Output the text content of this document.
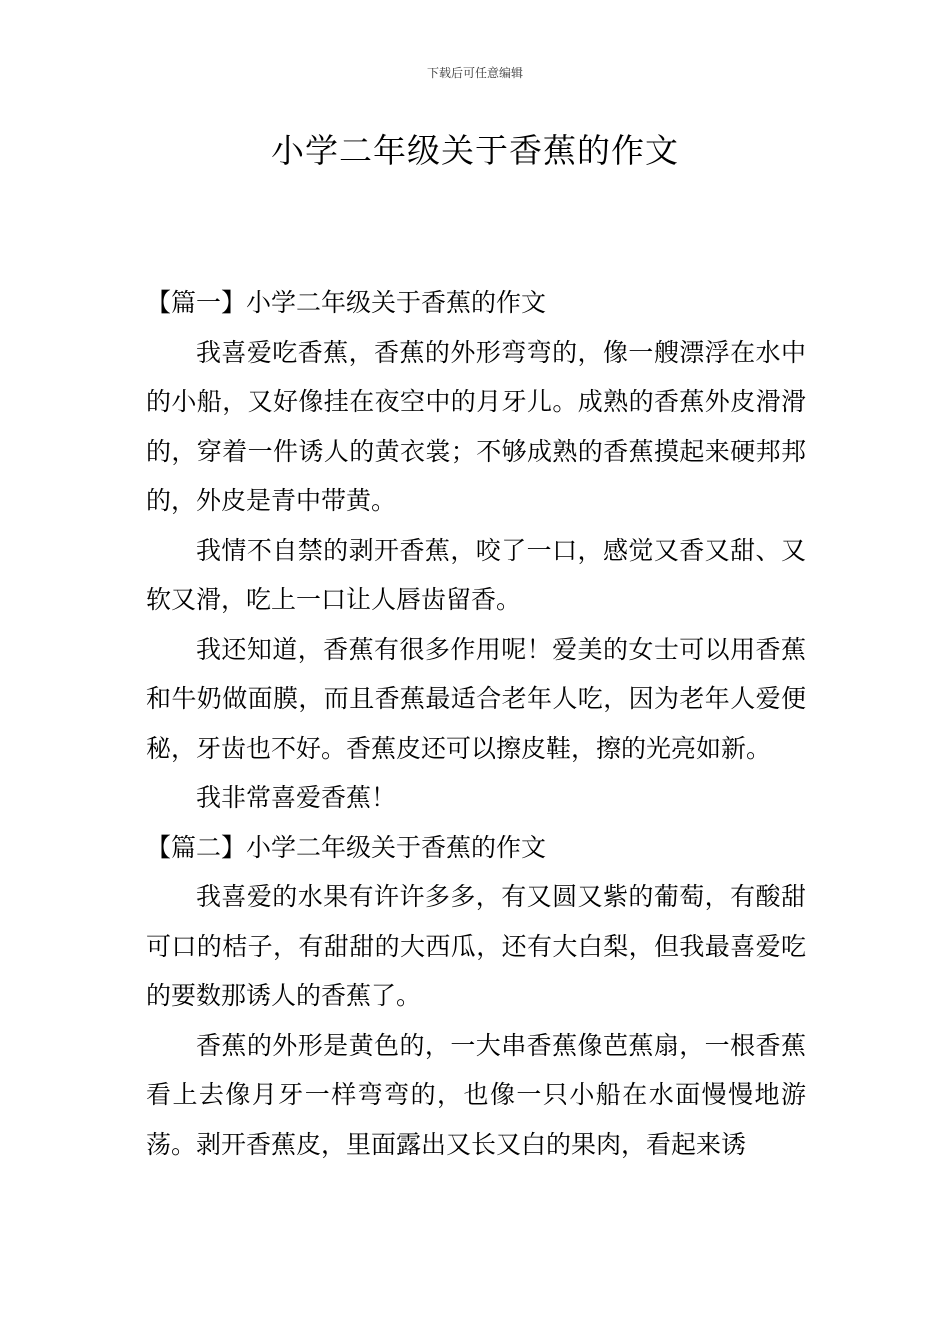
下载后可任意编辑
小学二年级关于香蕉的作文

【篇一】小学二年级关于香蕉的作文

我喜爱吃香蕉，香蕉的外形弯弯的，像一艘漂浮在水中的小船，又好像挂在夜空中的月牙儿。成熟的香蕉外皮滑滑的，穿着一件诱人的黄衣裳；不够成熟的香蕉摸起来硬邦邦的，外皮是青中带黄。

我情不自禁的剥开香蕉，咬了一口，感觉又香又甜、又软又滑，吃上一口让人唇齿留香。

我还知道，香蕉有很多作用呢！爱美的女士可以用香蕉和牛奶做面膜，而且香蕉最适合老年人吃，因为老年人爱便秘，牙齿也不好。香蕉皮还可以擦皮鞋，擦的光亮如新。

我非常喜爱香蕉！

【篇二】小学二年级关于香蕉的作文

我喜爱的水果有许许多多，有又圆又紫的葡萄，有酸甜可口的桔子，有甜甜的大西瓜，还有大白梨，但我最喜爱吃的要数那诱人的香蕉了。

香蕉的外形是黄色的，一大串香蕉像芭蕉扇，一根香蕉看上去像月牙一样弯弯的，也像一只小船在水面慢慢地游荡。剥开香蕉皮，里面露出又长又白的果肉，看起来诱
